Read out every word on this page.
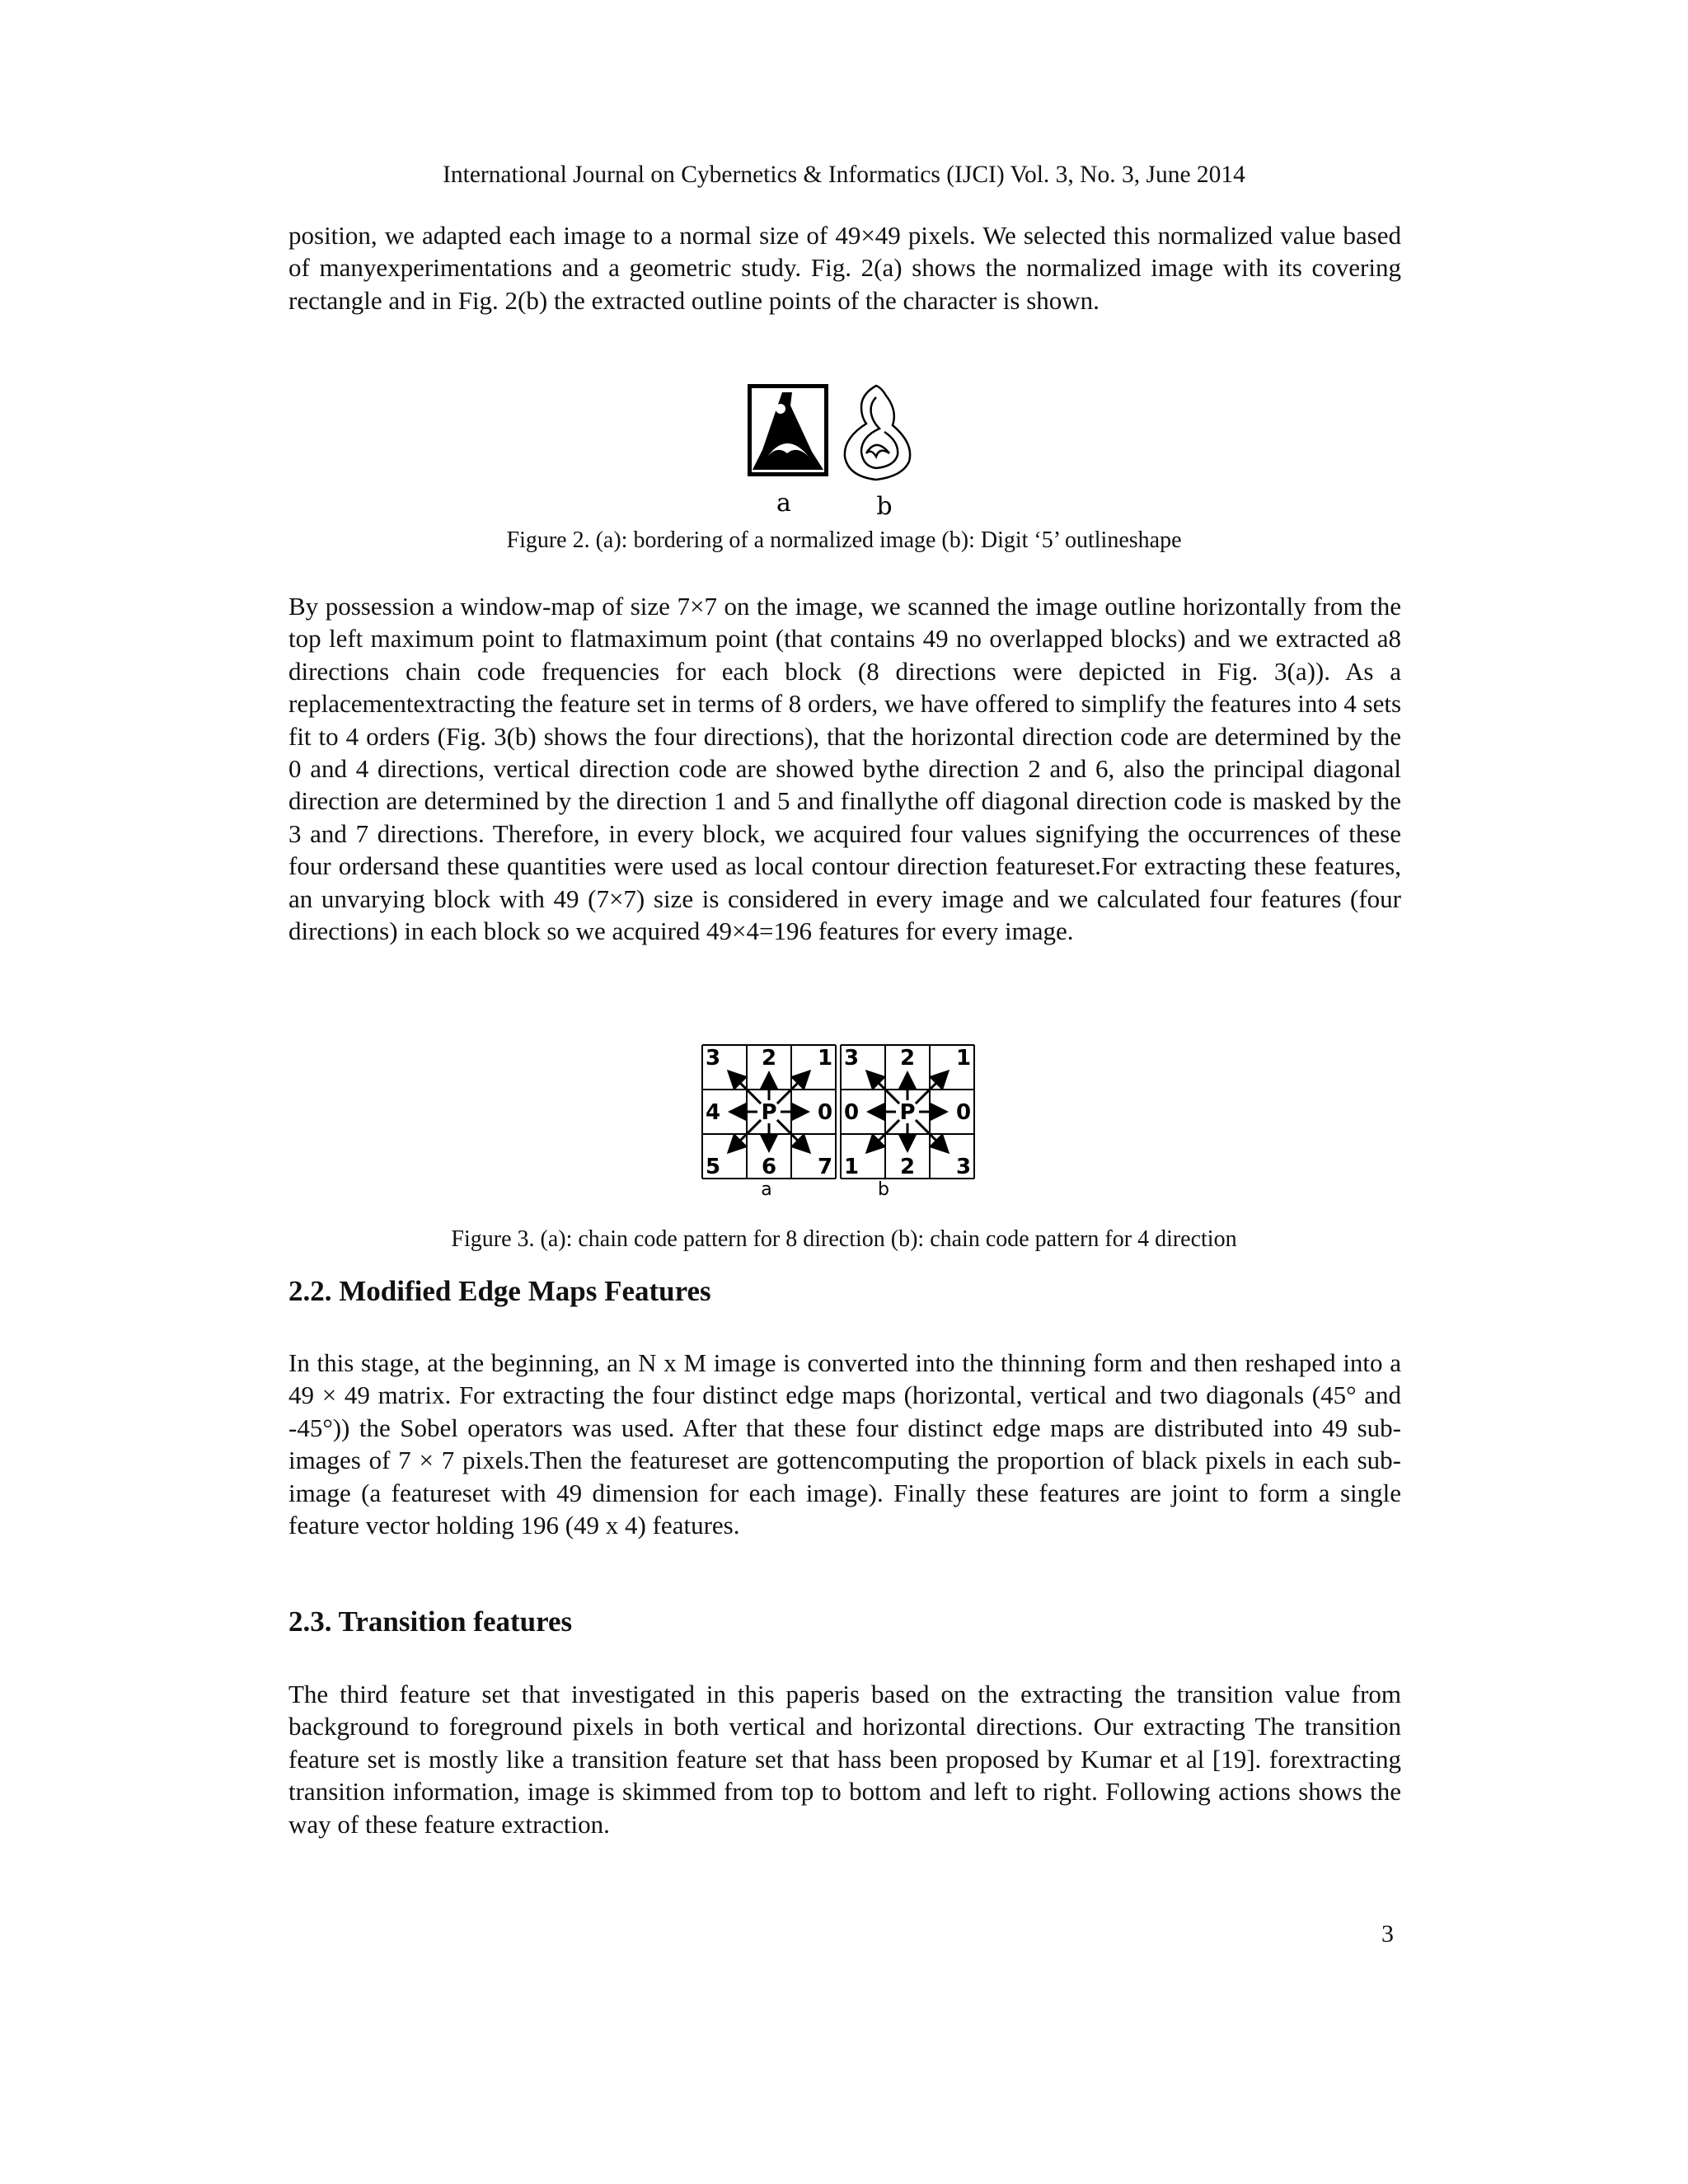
International Journal on Cybernetics & Informatics (IJCI) Vol. 3, No. 3, June 2014

position, we adapted each image to a normal size of 49×49 pixels. We selected this normalized value based of manyexperimentations and a geometric study. Fig. 2(a) shows the normalized image with its covering rectangle and in Fig. 2(b) the extracted outline points of the character is shown.

a	b
Figure 2. (a): bordering of a normalized image (b): Digit ‘5’ outlineshape

By possession a window-map of size 7×7 on the image, we scanned the image outline horizontally from the top left maximum point to flatmaximum point (that contains 49 no overlapped blocks) and we extracted a8 directions chain code frequencies for each block (8 directions were depicted in Fig. 3(a)). As a replacementextracting the feature set in terms of 8 orders, we have offered to simplify the features into 4 sets fit to 4 orders (Fig. 3(b) shows the four directions), that the horizontal direction code are determined by the 0 and 4 directions, vertical direction code are showed bythe direction 2 and 6, also the principal diagonal direction are determined by the direction 1 and 5 and finallythe off diagonal direction code is masked by the 3 and 7 directions. Therefore, in every block, we acquired four values signifying the occurrences of these four ordersand these quantities were used as local contour direction featureset.For extracting these features, an unvarying block with 49 (7×7) size is considered in every image and we calculated four features (four directions) in each block so we acquired 49×4=196 features for every image.

3 2 1
4 P 0
5 6 7
3 2 1
0 P 0
1 2 3
a	b
Figure 3. (a): chain code pattern for 8 direction (b): chain code pattern for 4 direction
2.2. Modified Edge Maps Features

In this stage, at the beginning, an N x M image is converted into the thinning form and then reshaped into a 49 × 49 matrix. For extracting the four distinct edge maps (horizontal, vertical and two diagonals (45° and -45°)) the Sobel operators was used. After that these four distinct edge maps are distributed into 49 sub-images of 7 × 7 pixels.Then the featureset are gottencomputing the proportion of black pixels in each sub-image (a featureset with 49 dimension for each image). Finally these features are joint to form a single feature vector holding 196 (49 x 4) features.

2.3. Transition features

The third feature set that investigated in this paperis based on the extracting the transition value from background to foreground pixels in both vertical and horizontal directions. Our extracting The transition feature set is mostly like a transition feature set that hass been proposed by Kumar et al [19]. forextracting transition information, image is skimmed from top to bottom and left to right. Following actions shows the way of these feature extraction.

3
